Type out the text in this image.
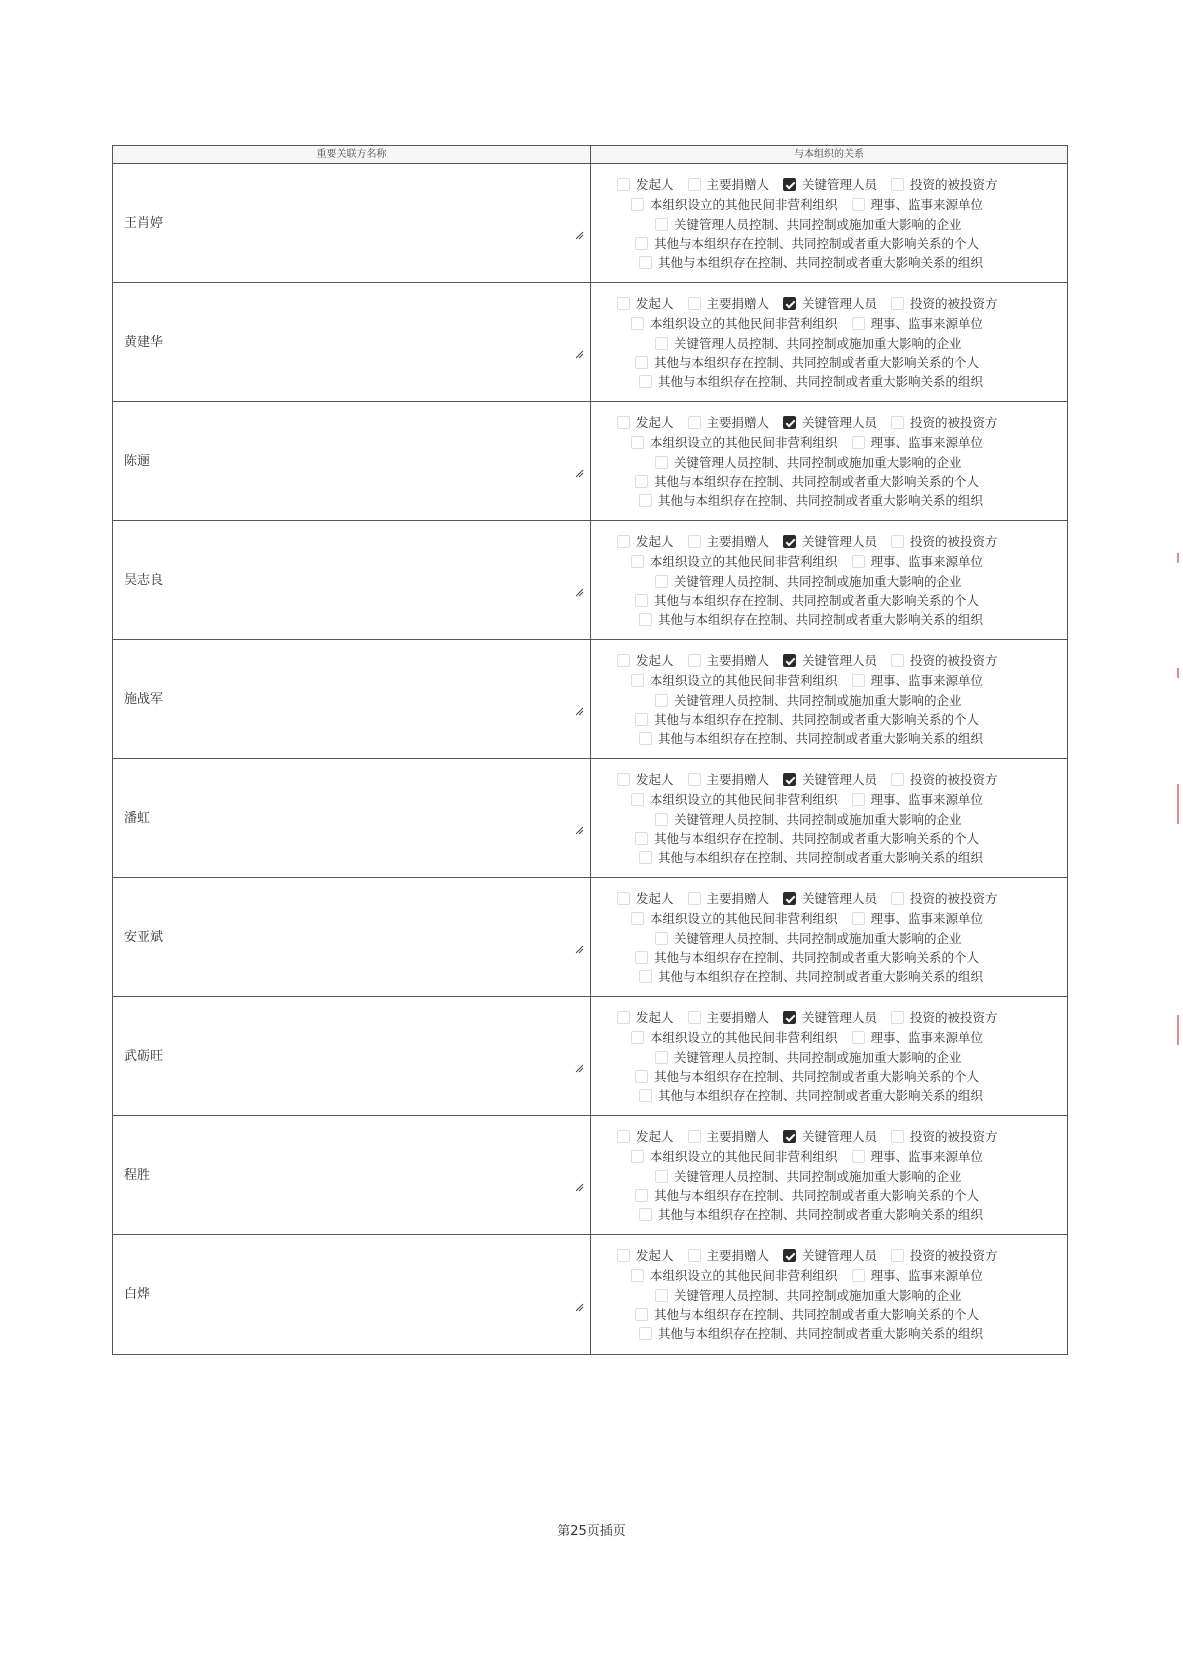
重要关联方名称	与本组织的关系
王肖婷
发起人	主要捐赠人	关键管理人员	投资的被投资方
本组织设立的其他民间非营利组织	理事、监事来源单位
关键管理人员控制、共同控制或施加重大影响的企业
其他与本组织存在控制、共同控制或者重大影响关系的个人
其他与本组织存在控制、共同控制或者重大影响关系的组织
黄建华
发起人	主要捐赠人	关键管理人员	投资的被投资方
本组织设立的其他民间非营利组织	理事、监事来源单位
关键管理人员控制、共同控制或施加重大影响的企业
其他与本组织存在控制、共同控制或者重大影响关系的个人
其他与本组织存在控制、共同控制或者重大影响关系的组织
陈逦
发起人	主要捐赠人	关键管理人员	投资的被投资方
本组织设立的其他民间非营利组织	理事、监事来源单位
关键管理人员控制、共同控制或施加重大影响的企业
其他与本组织存在控制、共同控制或者重大影响关系的个人
其他与本组织存在控制、共同控制或者重大影响关系的组织
吴志良
发起人	主要捐赠人	关键管理人员	投资的被投资方
本组织设立的其他民间非营利组织	理事、监事来源单位
关键管理人员控制、共同控制或施加重大影响的企业
其他与本组织存在控制、共同控制或者重大影响关系的个人
其他与本组织存在控制、共同控制或者重大影响关系的组织
施战军
发起人	主要捐赠人	关键管理人员	投资的被投资方
本组织设立的其他民间非营利组织	理事、监事来源单位
关键管理人员控制、共同控制或施加重大影响的企业
其他与本组织存在控制、共同控制或者重大影响关系的个人
其他与本组织存在控制、共同控制或者重大影响关系的组织
潘虹
发起人	主要捐赠人	关键管理人员	投资的被投资方
本组织设立的其他民间非营利组织	理事、监事来源单位
关键管理人员控制、共同控制或施加重大影响的企业
其他与本组织存在控制、共同控制或者重大影响关系的个人
其他与本组织存在控制、共同控制或者重大影响关系的组织
安亚斌
发起人	主要捐赠人	关键管理人员	投资的被投资方
本组织设立的其他民间非营利组织	理事、监事来源单位
关键管理人员控制、共同控制或施加重大影响的企业
其他与本组织存在控制、共同控制或者重大影响关系的个人
其他与本组织存在控制、共同控制或者重大影响关系的组织
武砺旺
发起人	主要捐赠人	关键管理人员	投资的被投资方
本组织设立的其他民间非营利组织	理事、监事来源单位
关键管理人员控制、共同控制或施加重大影响的企业
其他与本组织存在控制、共同控制或者重大影响关系的个人
其他与本组织存在控制、共同控制或者重大影响关系的组织
程胜
发起人	主要捐赠人	关键管理人员	投资的被投资方
本组织设立的其他民间非营利组织	理事、监事来源单位
关键管理人员控制、共同控制或施加重大影响的企业
其他与本组织存在控制、共同控制或者重大影响关系的个人
其他与本组织存在控制、共同控制或者重大影响关系的组织
白烨
发起人	主要捐赠人	关键管理人员	投资的被投资方
本组织设立的其他民间非营利组织	理事、监事来源单位
关键管理人员控制、共同控制或施加重大影响的企业
其他与本组织存在控制、共同控制或者重大影响关系的个人
其他与本组织存在控制、共同控制或者重大影响关系的组织
第25页插页
